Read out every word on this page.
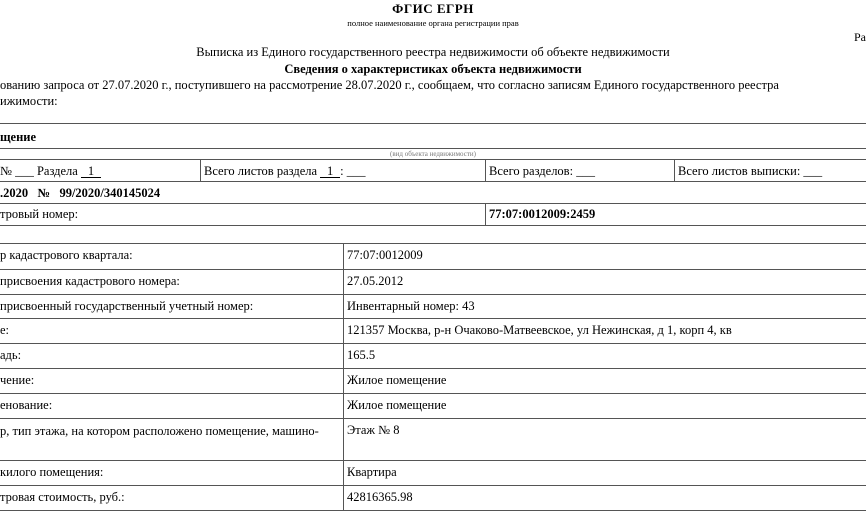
ФГИС ЕГРН
полное наименование органа регистрации прав
Ра
Выписка из Единого государственного реестра недвижимости об объекте недвижимости
Сведения о характеристиках объекта недвижимости
ованию запроса от 27.07.2020 г., поступившего на рассмотрение 28.07.2020 г., сообщаем, что согласно записям Единого государственного реестра
ижимости:
щение
(вид объекта недвижимости)
№ ___ Раздела 1	Всего листов раздела 1 : ___	Всего разделов: ___	Всего листов выписки: ___
.2020 № 99/2020/340145024
тровый номер:	77:07:0012009:2459
р кадастрового квартала:	77:07:0012009
присвоения кадастрового номера:	27.05.2012
присвоенный государственный учетный номер:	Инвентарный номер: 43
е:	121357 Москва, р-н Очаково-Матвеевское, ул Нежинская, д 1, корп 4, кв
адь:	165.5
чение:	Жилое помещение
енование:	Жилое помещение
р, тип этажа, на котором расположено помещение, машино-	Этаж № 8
килого помещения:	Квартира
тровая стоимость, руб.:	42816365.98
